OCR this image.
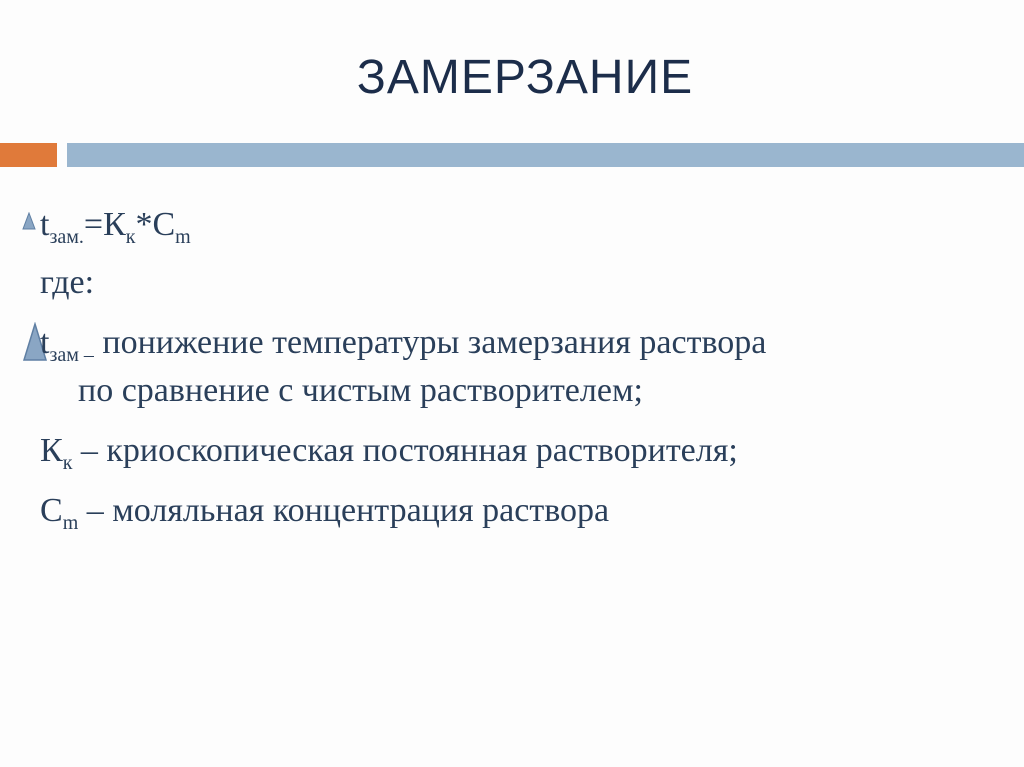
ЗАМЕРЗАНИЕ
$t_{зам.}=К_к*C_m$
где:
$t_{зам -}$ понижение температуры замерзания раствора
по сравнение с чистым растворителем;
$К_к$ – криоскопическая постоянная растворителя;
$C_m$ – моляльная концентрация раствора
